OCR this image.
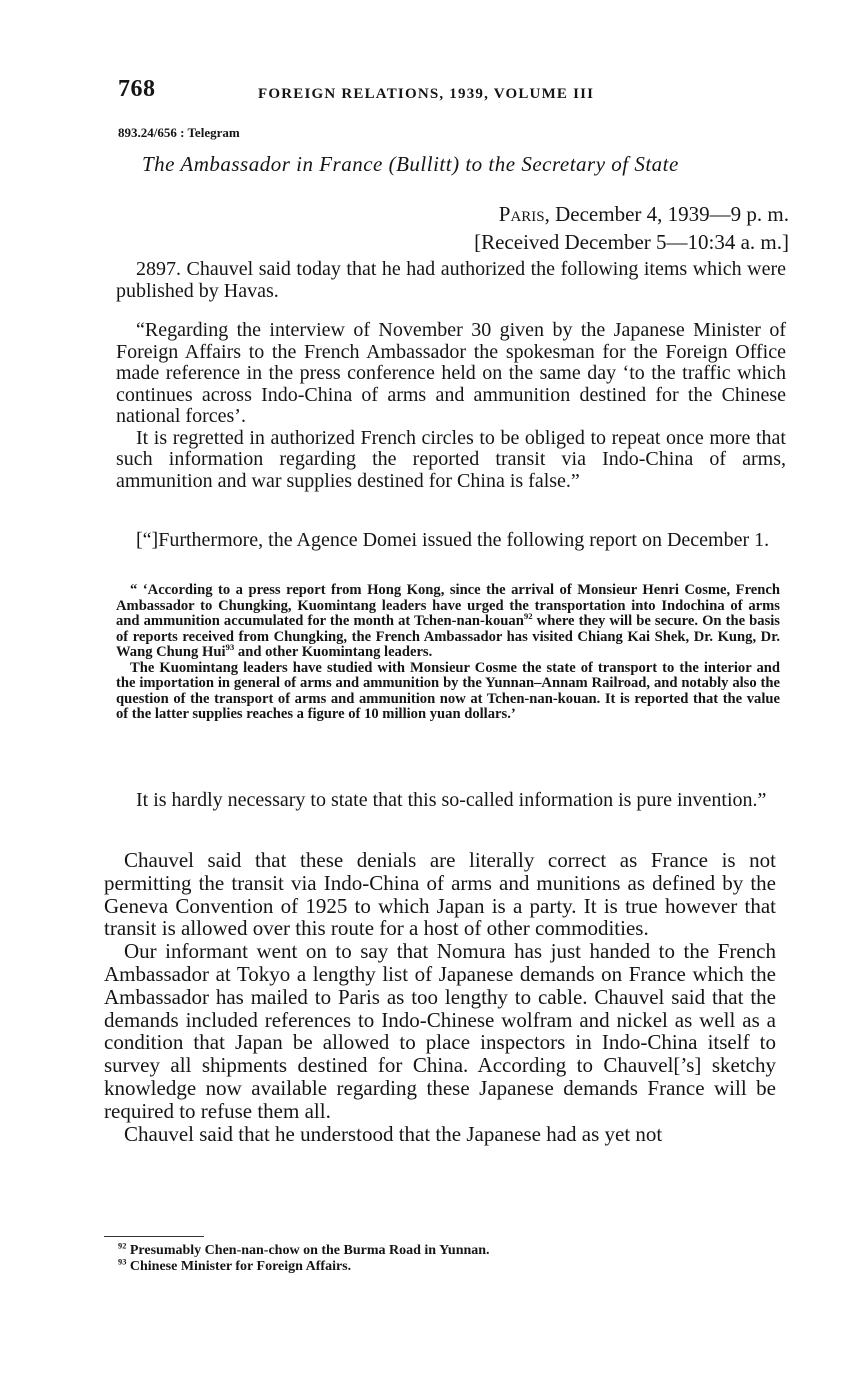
768	FOREIGN RELATIONS, 1939, VOLUME III
893.24/656 : Telegram
The Ambassador in France (Bullitt) to the Secretary of State
Paris, December 4, 1939—9 p. m.
[Received December 5—10:34 a. m.]

2897. Chauvel said today that he had authorized the following items which were published by Havas.

“Regarding the interview of November 30 given by the Japanese Minister of Foreign Affairs to the French Ambassador the spokesman for the Foreign Office made reference in the press conference held on the same day ‘to the traffic which continues across Indo-China of arms and ammunition destined for the Chinese national forces’.

It is regretted in authorized French circles to be obliged to repeat once more that such information regarding the reported transit via Indo-China of arms, ammunition and war supplies destined for China is false.”

[“]Furthermore, the Agence Domei issued the following report on December 1.

“ ‘According to a press report from Hong Kong, since the arrival of Monsieur Henri Cosme, French Ambassador to Chungking, Kuomintang leaders have urged the transportation into Indochina of arms and ammunition accumulated for the month at Tchen-nan-kouan$^{92}$ where they will be secure. On the basis of reports received from Chungking, the French Ambassador has visited Chiang Kai Shek, Dr. Kung, Dr. Wang Chung Hui$^{93}$ and other Kuomintang leaders.

The Kuomintang leaders have studied with Monsieur Cosme the state of transport to the interior and the importation in general of arms and ammunition by the Yunnan–Annam Railroad, and notably also the question of the transport of arms and ammunition now at Tchen-nan-kouan. It is reported that the value of the latter supplies reaches a figure of 10 million yuan dollars.’

It is hardly necessary to state that this so-called information is pure invention.”

Chauvel said that these denials are literally correct as France is not permitting the transit via Indo-China of arms and munitions as defined by the Geneva Convention of 1925 to which Japan is a party. It is true however that transit is allowed over this route for a host of other commodities.

Our informant went on to say that Nomura has just handed to the French Ambassador at Tokyo a lengthy list of Japanese demands on France which the Ambassador has mailed to Paris as too lengthy to cable. Chauvel said that the demands included references to Indo-Chinese wolfram and nickel as well as a condition that Japan be allowed to place inspectors in Indo-China itself to survey all shipments destined for China. According to Chauvel[’s] sketchy knowledge now available regarding these Japanese demands France will be required to refuse them all.

Chauvel said that he understood that the Japanese had as yet not

$^{92}$ Presumably Chen-nan-chow on the Burma Road in Yunnan.
$^{93}$ Chinese Minister for Foreign Affairs.
